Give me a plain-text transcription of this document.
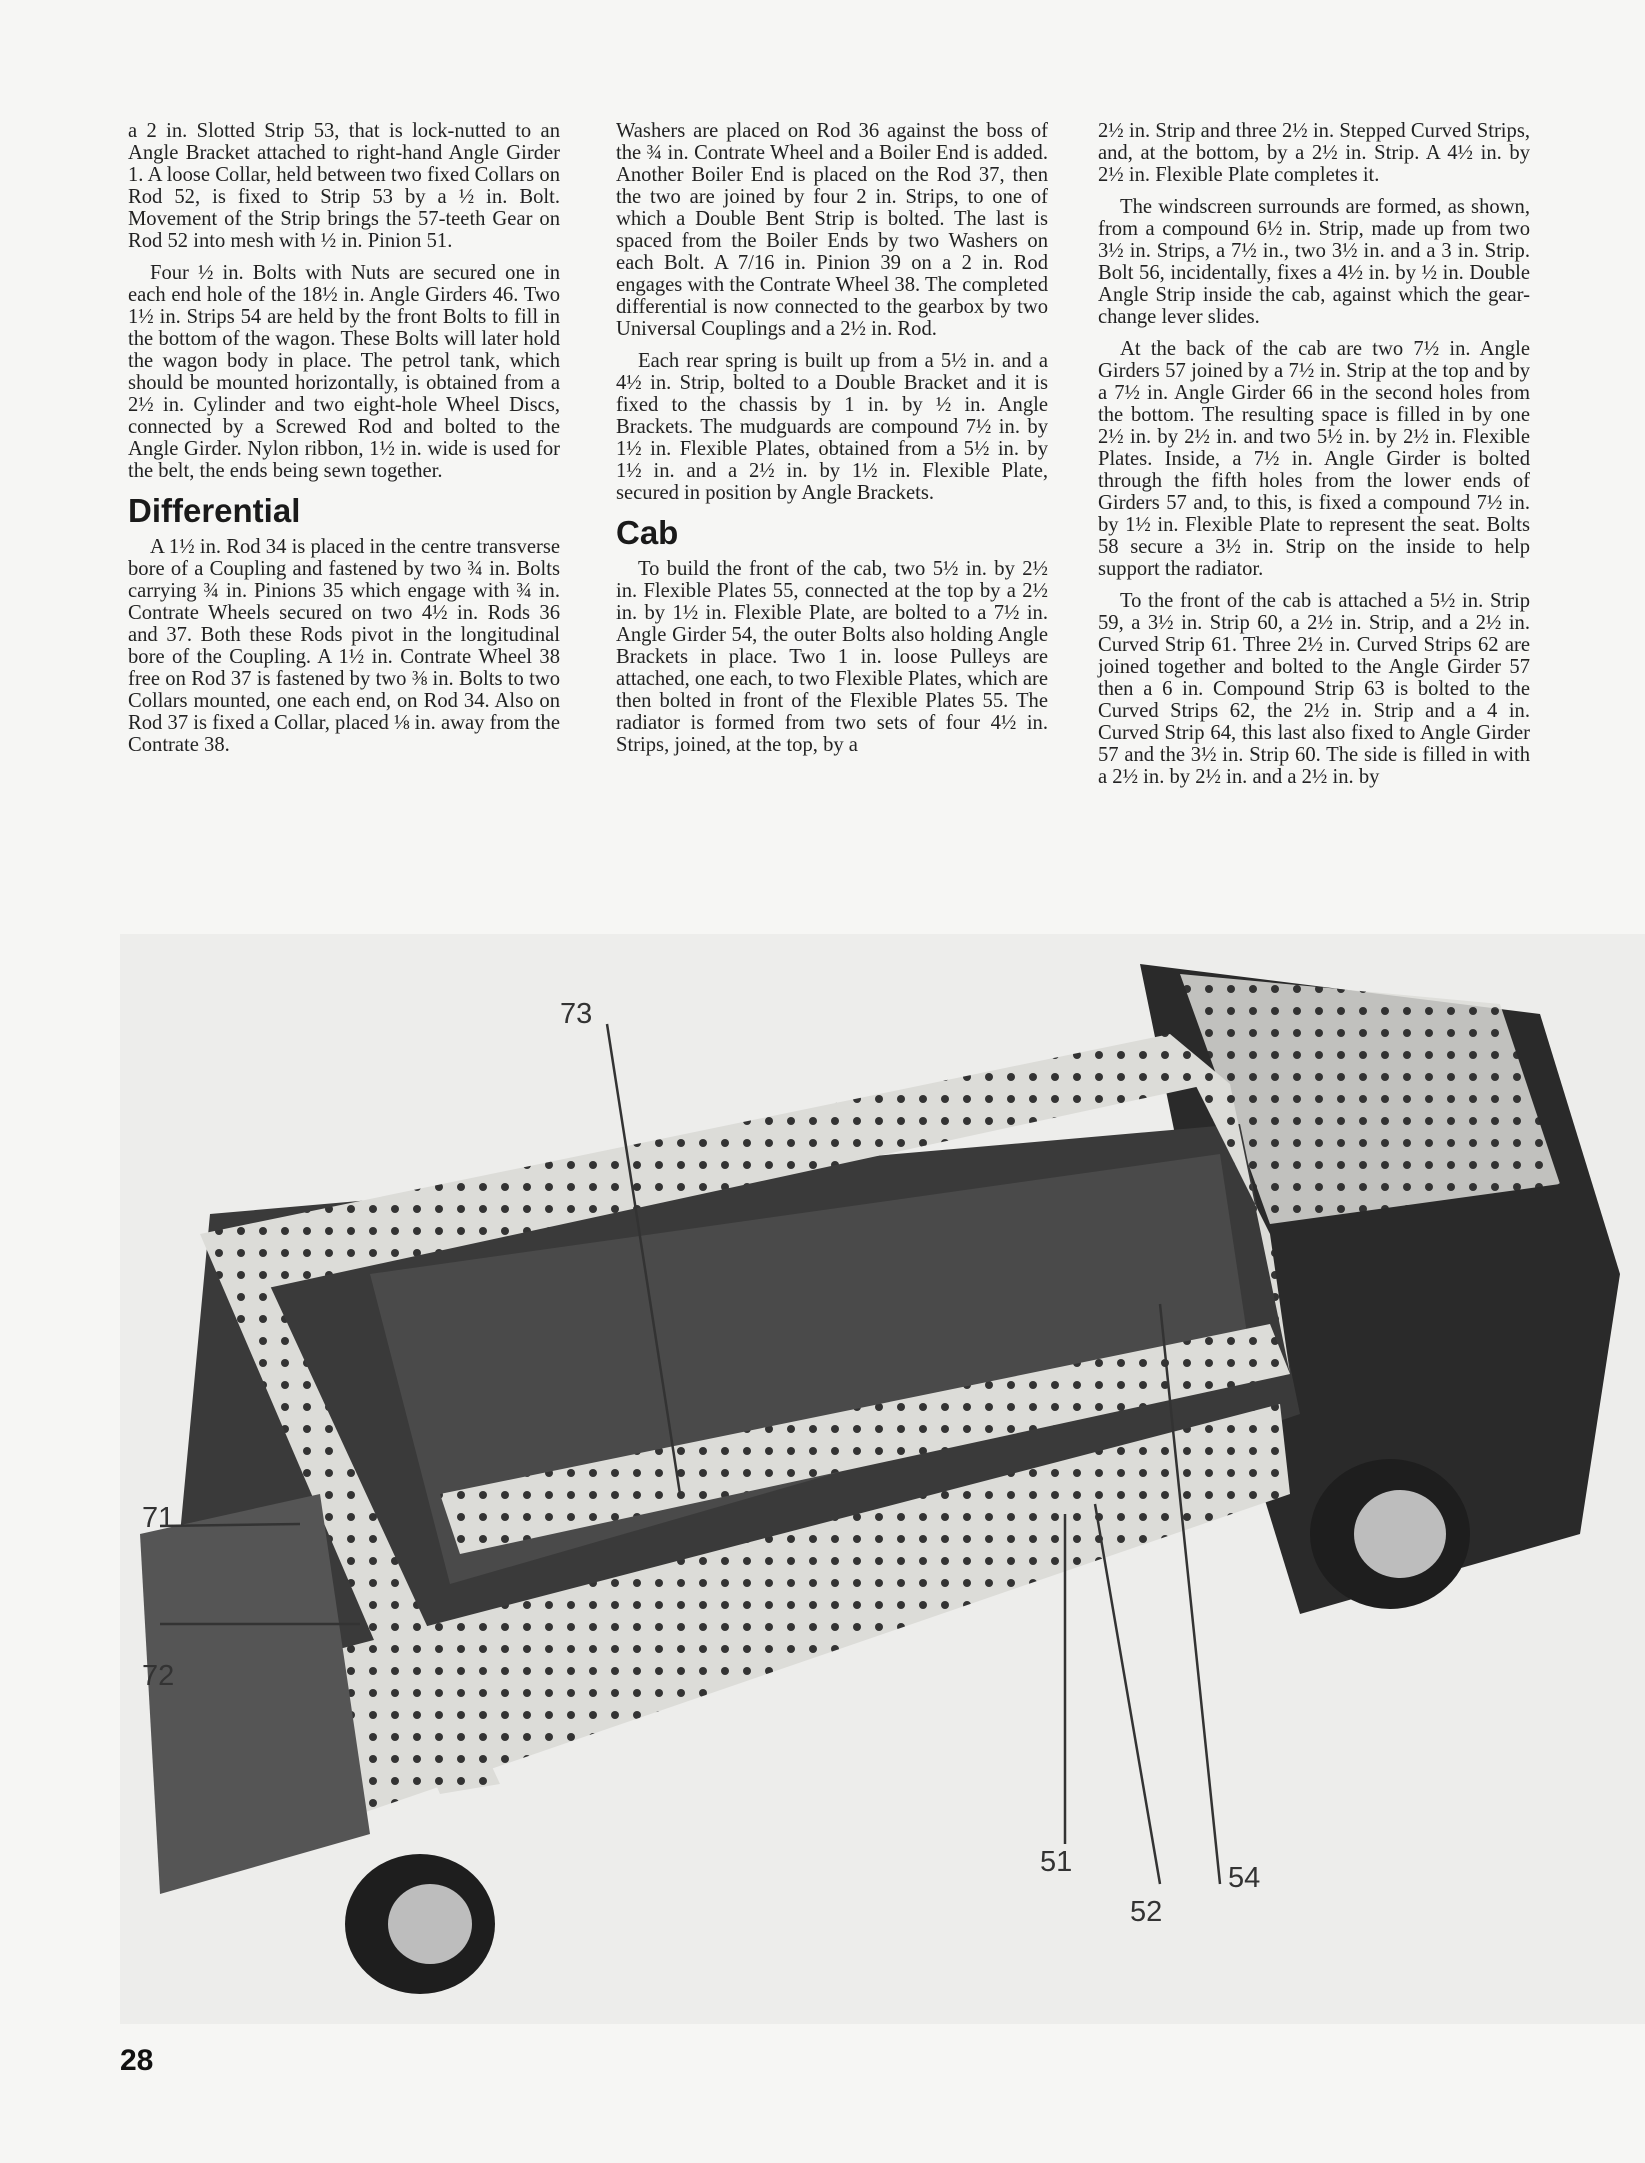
a 2 in. Slotted Strip 53, that is lock-nutted to an Angle Bracket attached to right-hand Angle Girder 1. A loose Collar, held between two fixed Collars on Rod 52, is fixed to Strip 53 by a ½ in. Bolt. Movement of the Strip brings the 57-teeth Gear on Rod 52 into mesh with ½ in. Pinion 51.

Four ½ in. Bolts with Nuts are secured one in each end hole of the 18½ in. Angle Girders 46. Two 1½ in. Strips 54 are held by the front Bolts to fill in the bottom of the wagon. These Bolts will later hold the wagon body in place. The petrol tank, which should be mounted horizontally, is obtained from a 2½ in. Cylinder and two eight-hole Wheel Discs, connected by a Screwed Rod and bolted to the Angle Girder. Nylon ribbon, 1½ in. wide is used for the belt, the ends being sewn together.

Differential

A 1½ in. Rod 34 is placed in the centre transverse bore of a Coupling and fastened by two ¾ in. Bolts carrying ¾ in. Pinions 35 which engage with ¾ in. Contrate Wheels secured on two 4½ in. Rods 36 and 37. Both these Rods pivot in the longitudinal bore of the Coupling. A 1½ in. Contrate Wheel 38 free on Rod 37 is fastened by two ⅜ in. Bolts to two Collars mounted, one each end, on Rod 34. Also on Rod 37 is fixed a Collar, placed ⅛ in. away from the Contrate 38.

Washers are placed on Rod 36 against the boss of the ¾ in. Contrate Wheel and a Boiler End is added. Another Boiler End is placed on the Rod 37, then the two are joined by four 2 in. Strips, to one of which a Double Bent Strip is bolted. The last is spaced from the Boiler Ends by two Washers on each Bolt. A 7/16 in. Pinion 39 on a 2 in. Rod engages with the Contrate Wheel 38. The completed differential is now connected to the gearbox by two Universal Couplings and a 2½ in. Rod.

Each rear spring is built up from a 5½ in. and a 4½ in. Strip, bolted to a Double Bracket and it is fixed to the chassis by 1 in. by ½ in. Angle Brackets. The mudguards are compound 7½ in. by 1½ in. Flexible Plates, obtained from a 5½ in. by 1½ in. and a 2½ in. by 1½ in. Flexible Plate, secured in position by Angle Brackets.

Cab

To build the front of the cab, two 5½ in. by 2½ in. Flexible Plates 55, connected at the top by a 2½ in. by 1½ in. Flexible Plate, are bolted to a 7½ in. Angle Girder 54, the outer Bolts also holding Angle Brackets in place. Two 1 in. loose Pulleys are attached, one each, to two Flexible Plates, which are then bolted in front of the Flexible Plates 55. The radiator is formed from two sets of four 4½ in. Strips, joined, at the top, by a

2½ in. Strip and three 2½ in. Stepped Curved Strips, and, at the bottom, by a 2½ in. Strip. A 4½ in. by 2½ in. Flexible Plate completes it.

The windscreen surrounds are formed, as shown, from a compound 6½ in. Strip, made up from two 3½ in. Strips, a 7½ in., two 3½ in. and a 3 in. Strip. Bolt 56, incidentally, fixes a 4½ in. by ½ in. Double Angle Strip inside the cab, against which the gear-change lever slides.

At the back of the cab are two 7½ in. Angle Girders 57 joined by a 7½ in. Strip at the top and by a 7½ in. Angle Girder 66 in the second holes from the bottom. The resulting space is filled in by one 2½ in. by 2½ in. and two 5½ in. by 2½ in. Flexible Plates. Inside, a 7½ in. Angle Girder is bolted through the fifth holes from the lower ends of Girders 57 and, to this, is fixed a compound 7½ in. by 1½ in. Flexible Plate to represent the seat. Bolts 58 secure a 3½ in. Strip on the inside to help support the radiator.

To the front of the cab is attached a 5½ in. Strip 59, a 3½ in. Strip 60, a 2½ in. Strip, and a 2½ in. Curved Strip 61. Three 2½ in. Curved Strips 62 are joined together and bolted to the Angle Girder 57 then a 6 in. Compound Strip 63 is bolted to the Curved Strips 62, the 2½ in. Strip and a 4 in. Curved Strip 64, this last also fixed to Angle Girder 57 and the 3½ in. Strip 60. The side is filled in with a 2½ in. by 2½ in. and a 2½ in. by

73
71
72
51
52
54
28
